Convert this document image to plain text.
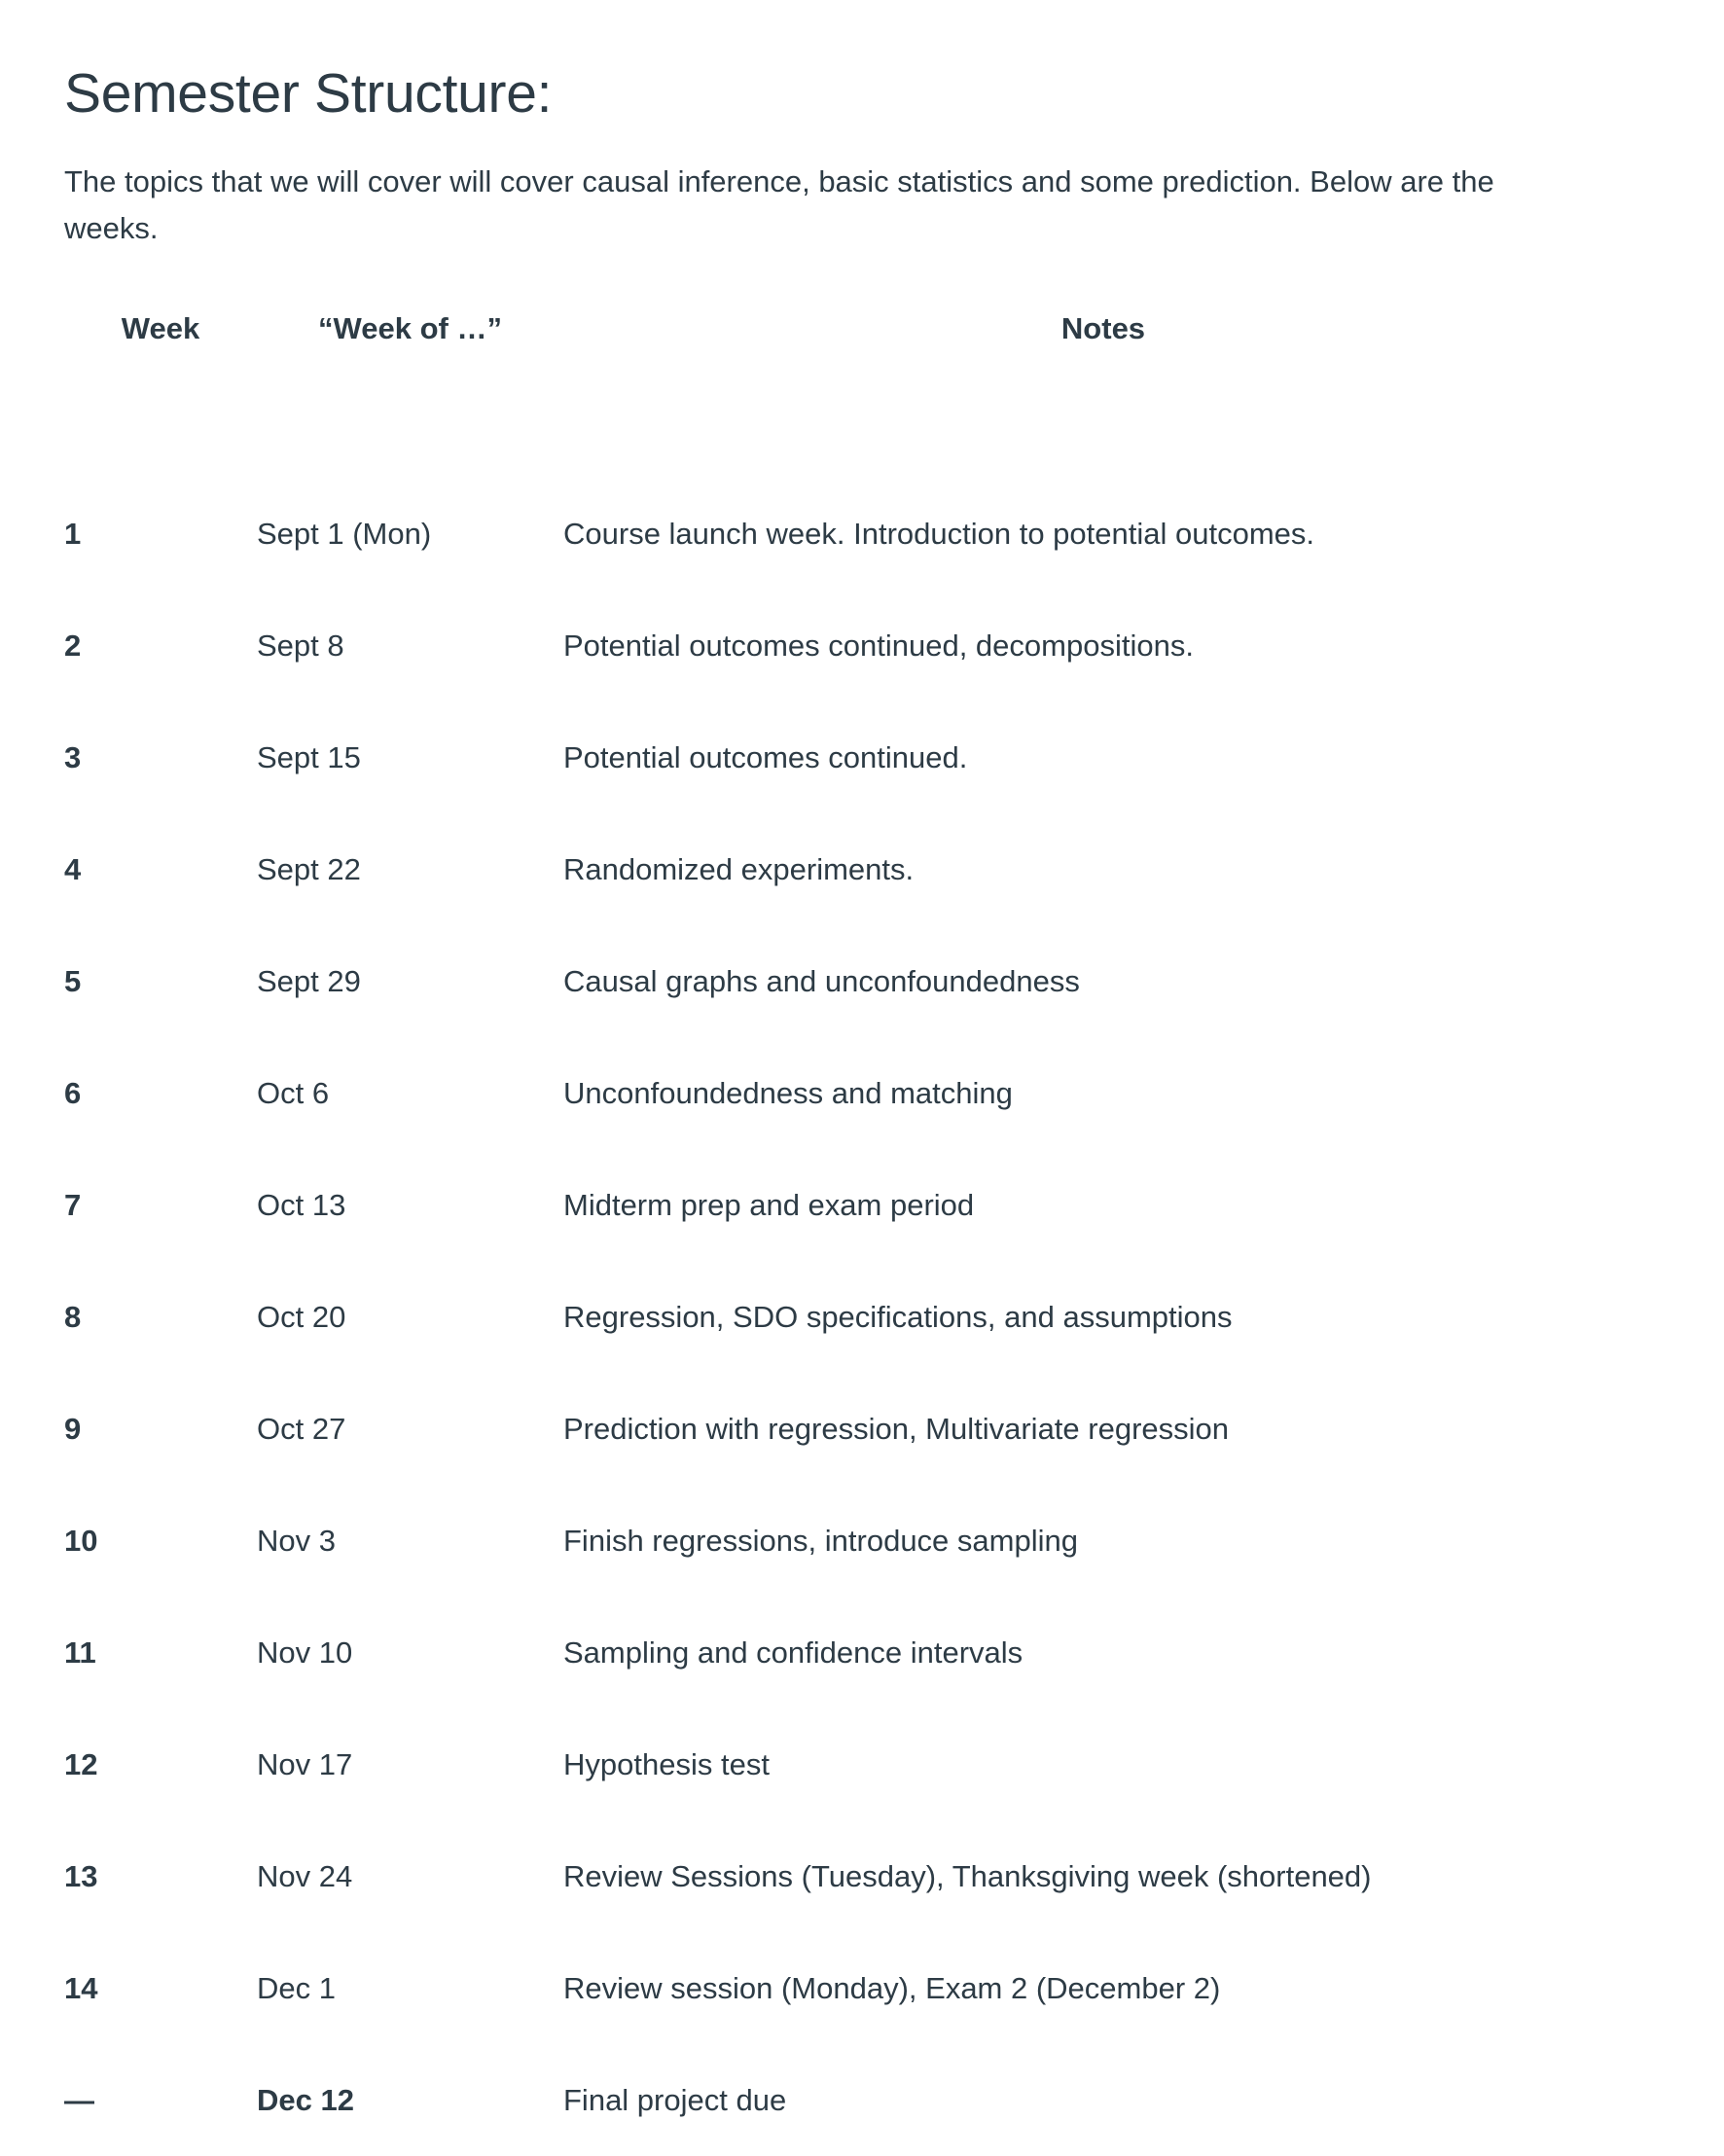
Semester Structure:

The topics that we will cover will cover causal inference, basic statistics and some prediction. Below are the weeks.

Week	“Week of …”	Notes

1	Sept 1 (Mon)	Course launch week. Introduction to potential outcomes.
2	Sept 8	Potential outcomes continued, decompositions.
3	Sept 15	Potential outcomes continued.
4	Sept 22	Randomized experiments.
5	Sept 29	Causal graphs and unconfoundedness
6	Oct 6	Unconfoundedness and matching
7	Oct 13	Midterm prep and exam period
8	Oct 20	Regression, SDO specifications, and assumptions
9	Oct 27	Prediction with regression, Multivariate regression
10	Nov 3	Finish regressions, introduce sampling
11	Nov 10	Sampling and confidence intervals
12	Nov 17	Hypothesis test
13	Nov 24	Review Sessions (Tuesday), Thanksgiving week (shortened)
14	Dec 1	Review session (Monday), Exam 2 (December 2)
—	Dec 12	Final project due
